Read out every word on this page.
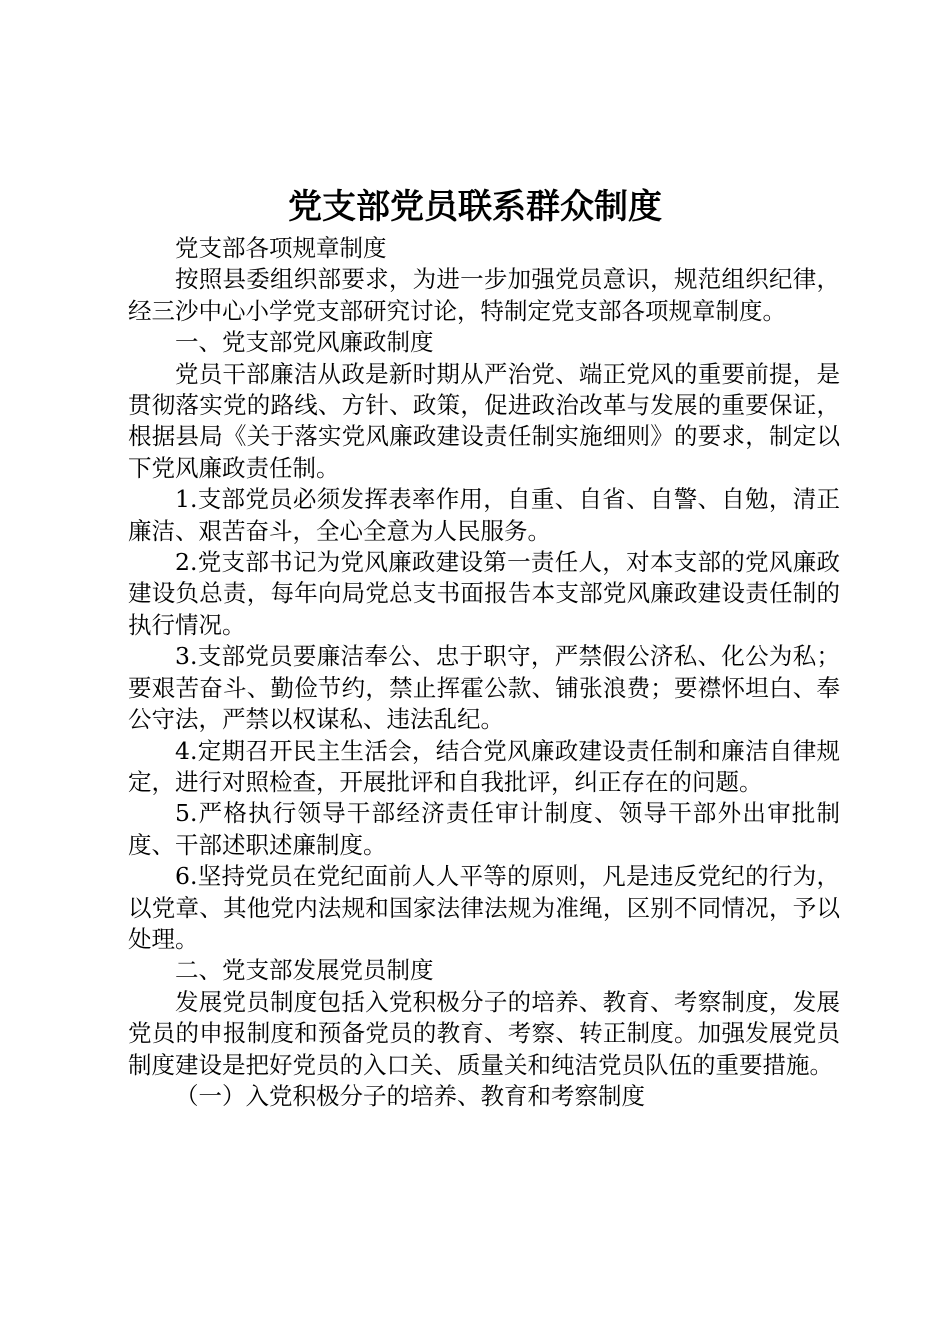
党支部党员联系群众制度

党支部各项规章制度

按照县委组织部要求，为进一步加强党员意识，规范组织纪律，经三沙中心小学党支部研究讨论，特制定党支部各项规章制度。

一、党支部党风廉政制度

党员干部廉洁从政是新时期从严治党、端正党风的重要前提，是贯彻落实党的路线、方针、政策，促进政治改革与发展的重要保证，根据县局《关于落实党风廉政建设责任制实施细则》的要求，制定以下党风廉政责任制。

1.支部党员必须发挥表率作用，自重、自省、自警、自勉，清正廉洁、艰苦奋斗，全心全意为人民服务。

2.党支部书记为党风廉政建设第一责任人，对本支部的党风廉政建设负总责，每年向局党总支书面报告本支部党风廉政建设责任制的执行情况。

3.支部党员要廉洁奉公、忠于职守，严禁假公济私、化公为私；要艰苦奋斗、勤俭节约，禁止挥霍公款、铺张浪费；要襟怀坦白、奉公守法，严禁以权谋私、违法乱纪。

4.定期召开民主生活会，结合党风廉政建设责任制和廉洁自律规定，进行对照检查，开展批评和自我批评，纠正存在的问题。

5.严格执行领导干部经济责任审计制度、领导干部外出审批制度、干部述职述廉制度。

6.坚持党员在党纪面前人人平等的原则，凡是违反党纪的行为，以党章、其他党内法规和国家法律法规为准绳，区别不同情况，予以处理。

二、党支部发展党员制度

发展党员制度包括入党积极分子的培养、教育、考察制度，发展党员的申报制度和预备党员的教育、考察、转正制度。加强发展党员制度建设是把好党员的入口关、质量关和纯洁党员队伍的重要措施。

（一）入党积极分子的培养、教育和考察制度
